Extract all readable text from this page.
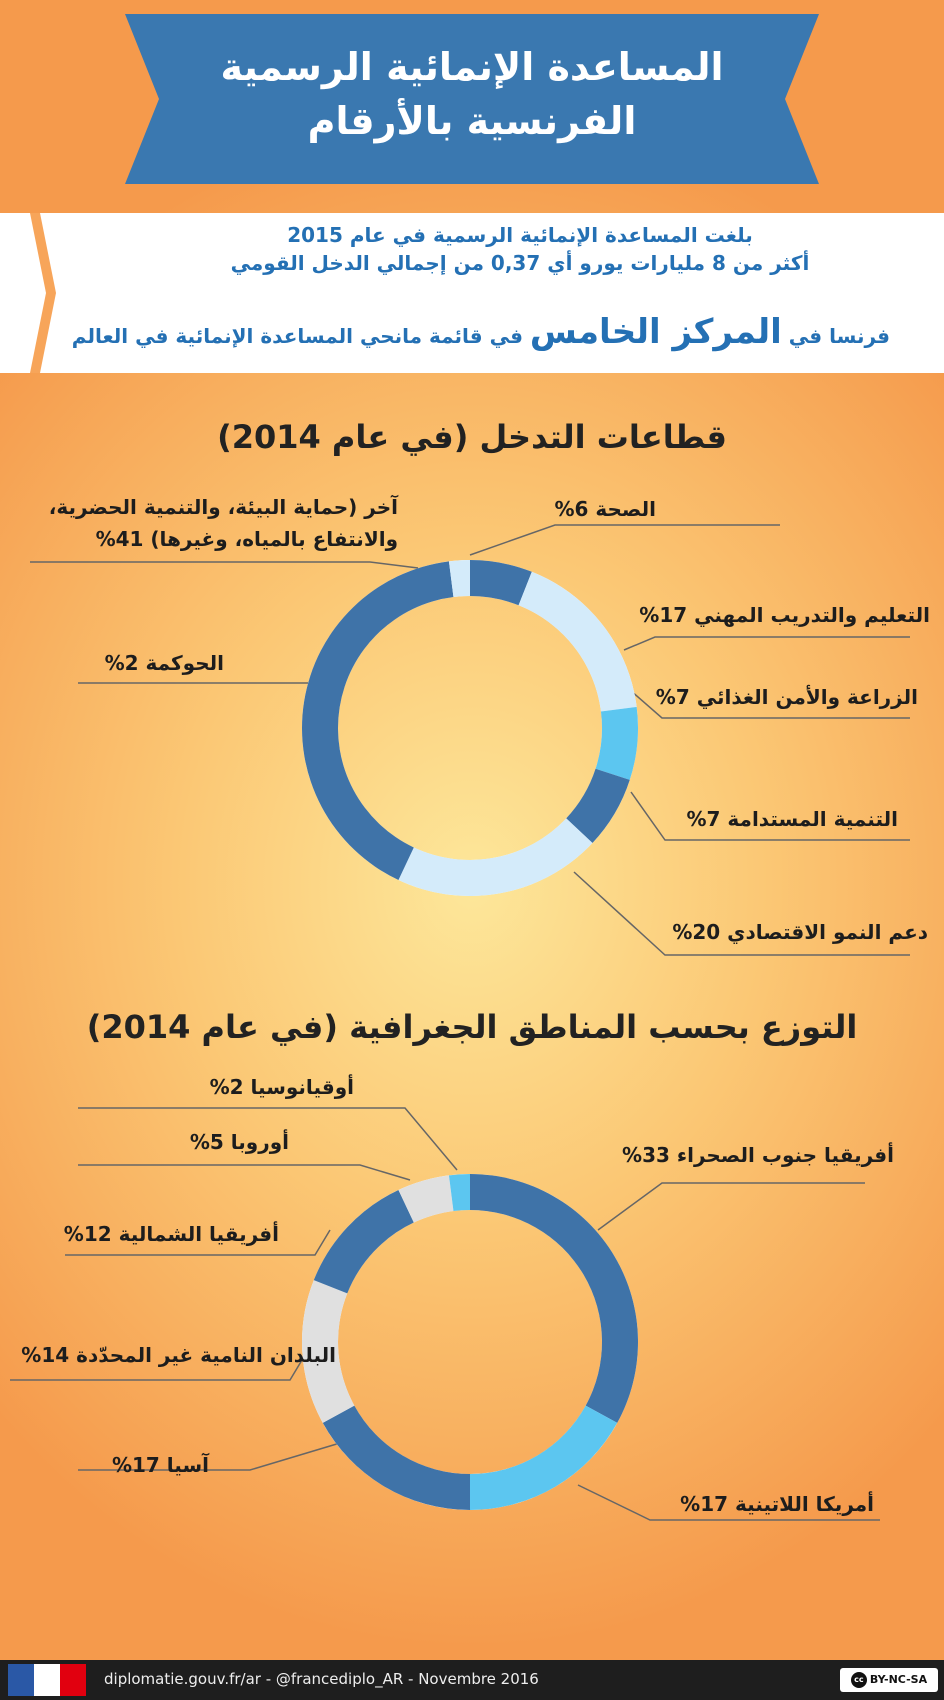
المساعدة الإنمائية الرسمية
الفرنسية بالأرقام
بلغت المساعدة الإنمائية الرسمية في عام 2015
أكثر من 8 مليارات يورو أي 0,37 من إجمالي الدخل القومي
فرنسا في المركز الخامس في قائمة مانحي المساعدة الإنمائية في العالم
قطاعات التدخل (في عام 2014)
الصحة 6%
التعليم والتدريب المهني 17%
الزراعة والأمن الغذائي 7%
التنمية المستدامة 7%
دعم النمو الاقتصادي 20%
الحوكمة 2%
آخر (حماية البيئة، والتنمية الحضرية،
والانتفاع بالمياه، وغيرها) 41%
التوزع بحسب المناطق الجغرافية (في عام 2014)
أفريقيا جنوب الصحراء 33%
أمريكا اللاتينية 17%
آسيا 17%
البلدان النامية غير المحدّدة 14%
أفريقيا الشمالية 12%
أوروبا 5%
أوقيانوسيا 2%
diplomatie.gouv.fr/ar - @francediplo_AR - Novembre 2016	cc BY-NC-SA
